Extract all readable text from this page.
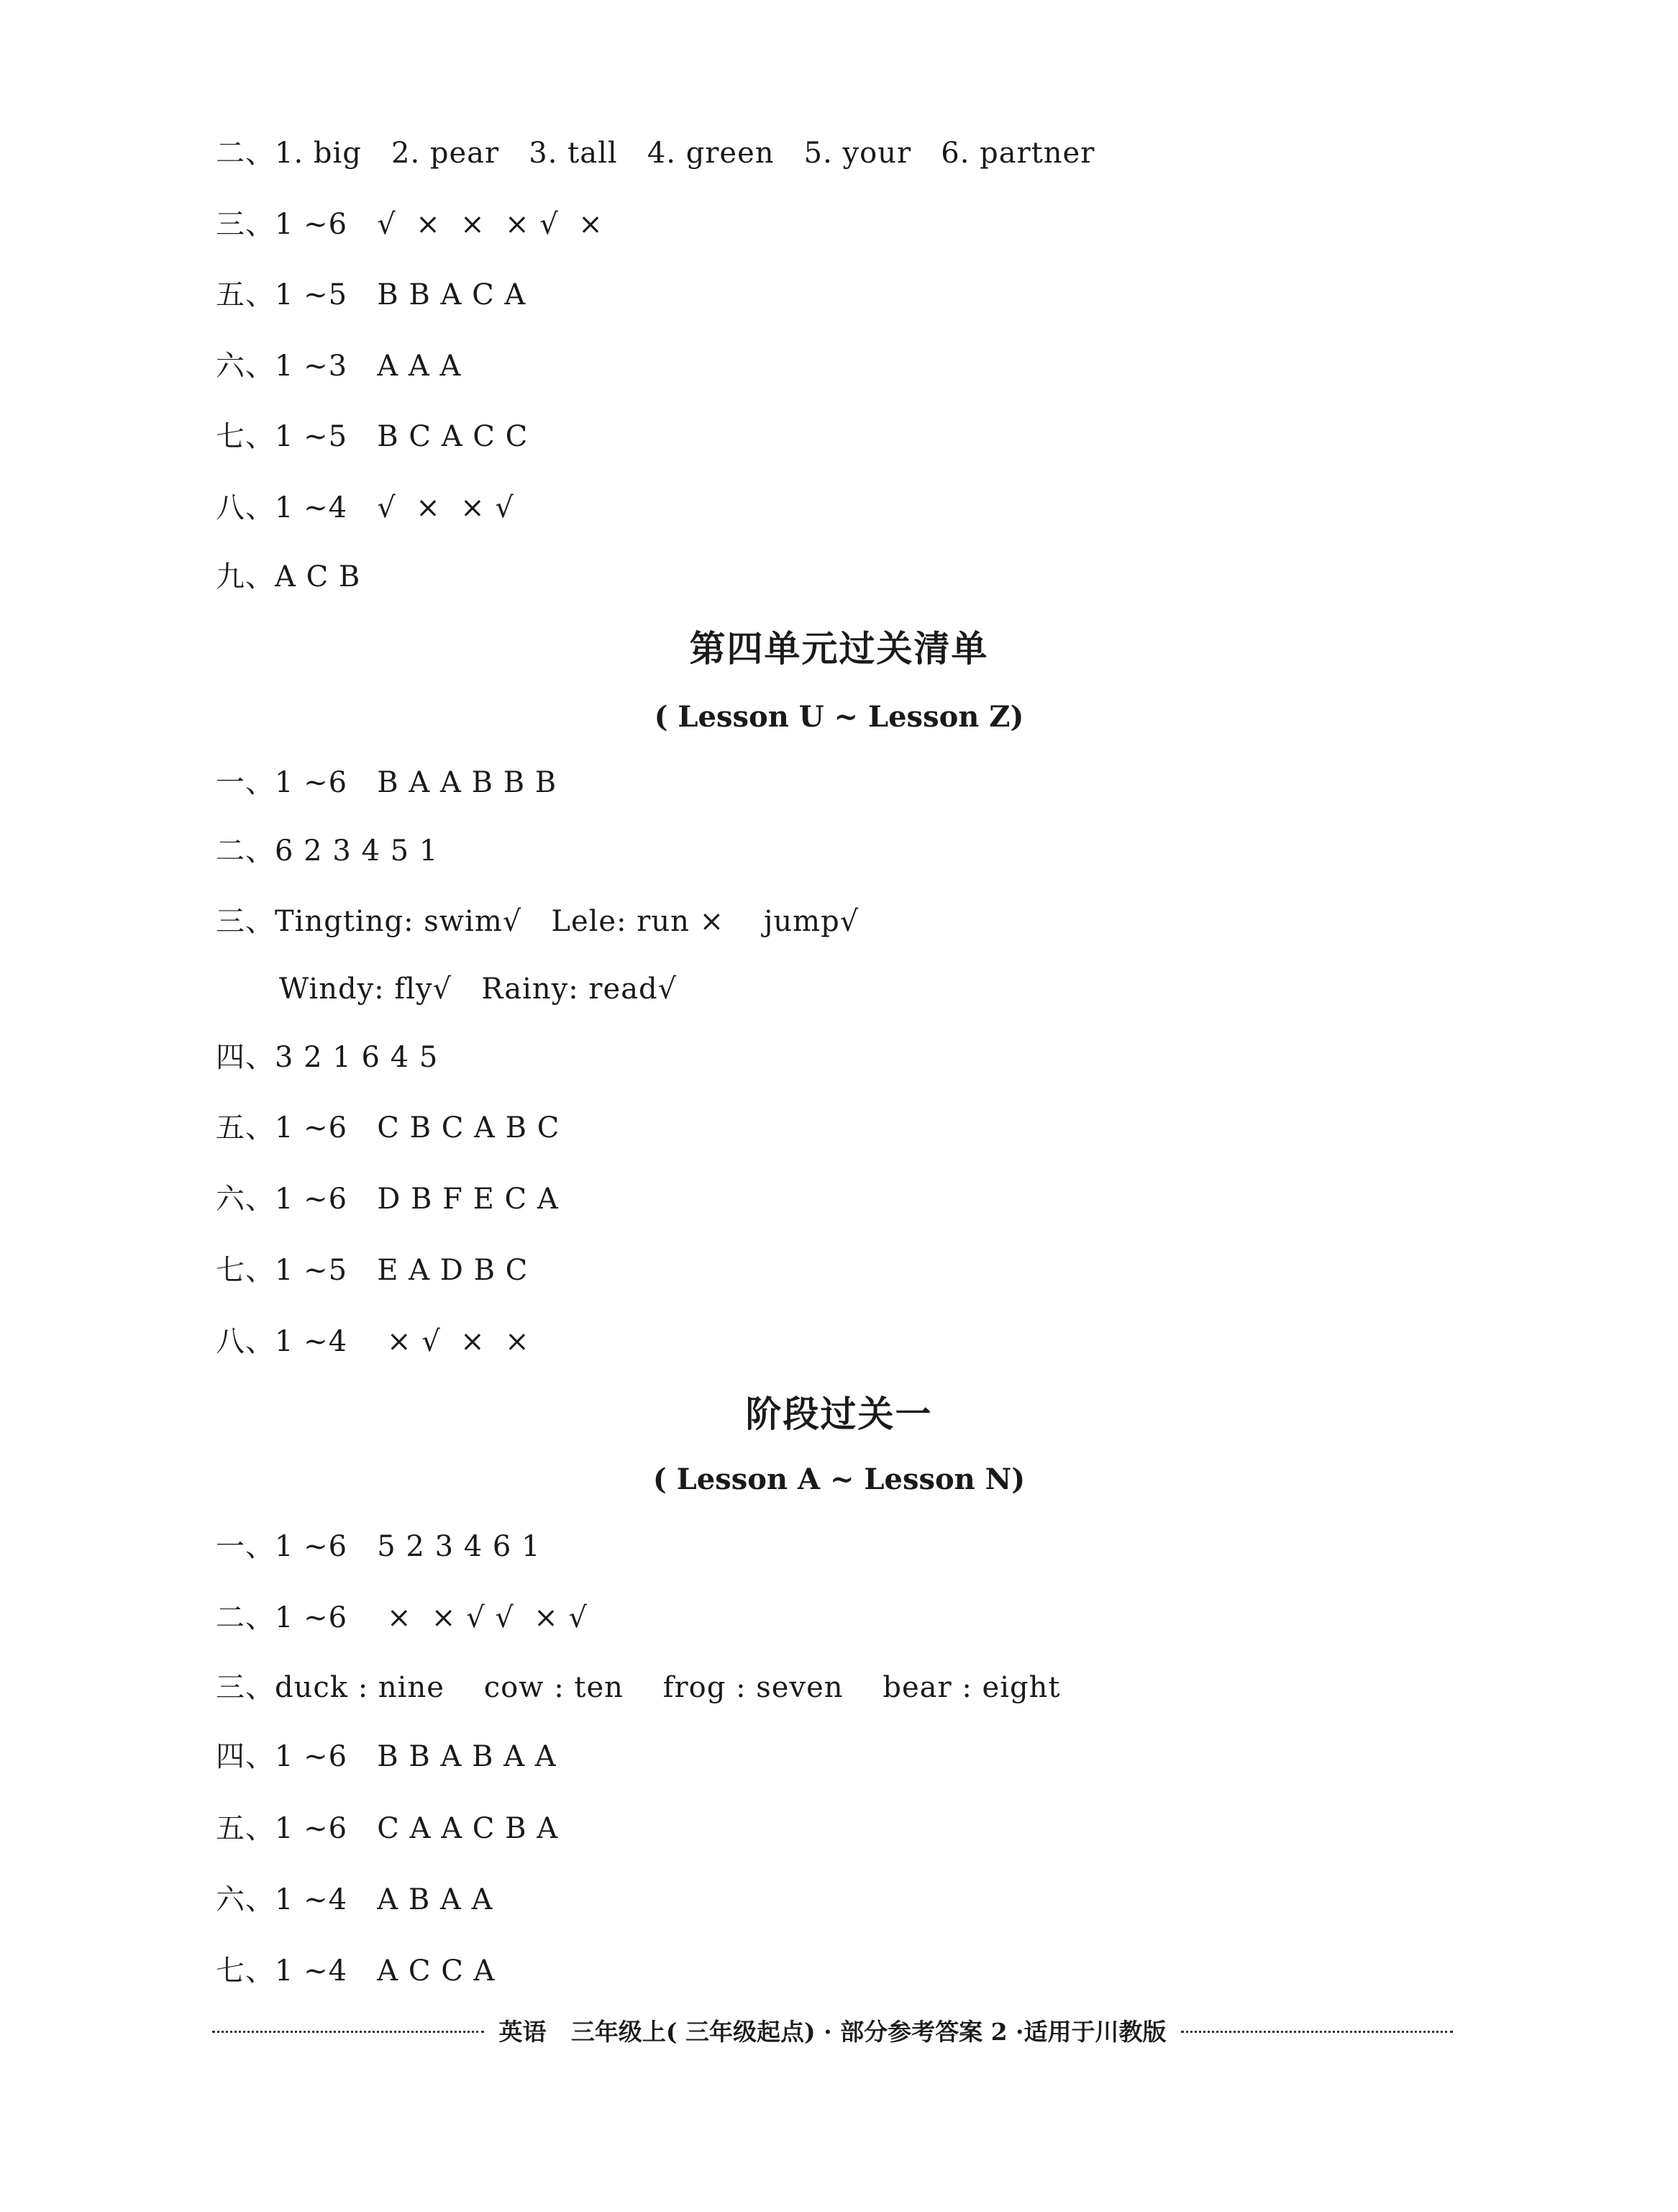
二、1. big   2. pear   3. tall   4. green   5. your   6. partner
三、1 ~6   √  ×  ×  × √  ×
五、1 ~5   B B A C A
六、1 ~3   A A A
七、1 ~5   B C A C C
八、1 ~4   √  ×  × √
九、A C B
第四单元过关清单
( Lesson U ~ Lesson Z)
一、1 ~6   B A A B B B
二、6 2 3 4 5 1
三、Tingting: swim√   Lele: run ×    jump√
Windy: fly√   Rainy: read√
四、3 2 1 6 4 5
五、1 ~6   C B C A B C
六、1 ~6   D B F E C A
七、1 ~5   E A D B C
八、1 ~4    × √  ×  ×
阶段过关一
( Lesson A ~ Lesson N)
一、1 ~6   5 2 3 4 6 1
二、1 ~6    ×  × √ √  × √
三、duck : nine    cow : ten    frog : seven    bear : eight
四、1 ~6   B B A B A A
五、1 ~6   C A A C B A
六、1 ~4   A B A A
七、1 ~4   A C C A
英语   三年级上( 三年级起点) · 部分参考答案 2 ·适用于川教版
